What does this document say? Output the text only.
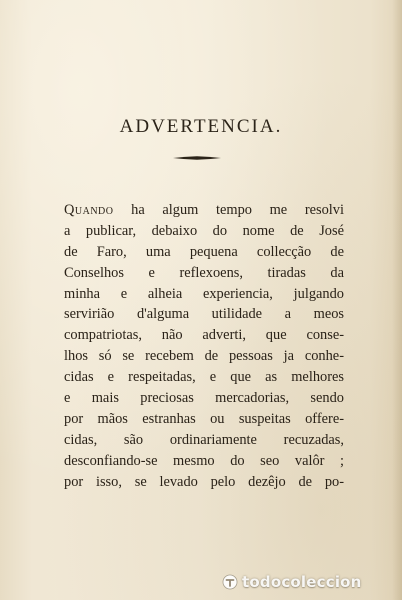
ADVERTENCIA.
Quando ha algum tempo me resolvi
a publicar, debaixo do nome de José
de Faro, uma pequena collecção de
Conselhos e reflexoens, tiradas da
minha e alheia experiencia, julgando
servirião d'alguma utilidade a meos
compatriotas, não adverti, que conse-
lhos só se recebem de pessoas ja conhe-
cidas e respeitadas, e que as melhores
e mais preciosas mercadorias, sendo
por mãos estranhas ou suspeitas offere-
cidas, são ordinariamente recuzadas,
desconfiando-se mesmo do seo valôr ;
por isso, se levado pelo dezêjo de po-
todocoleccion
